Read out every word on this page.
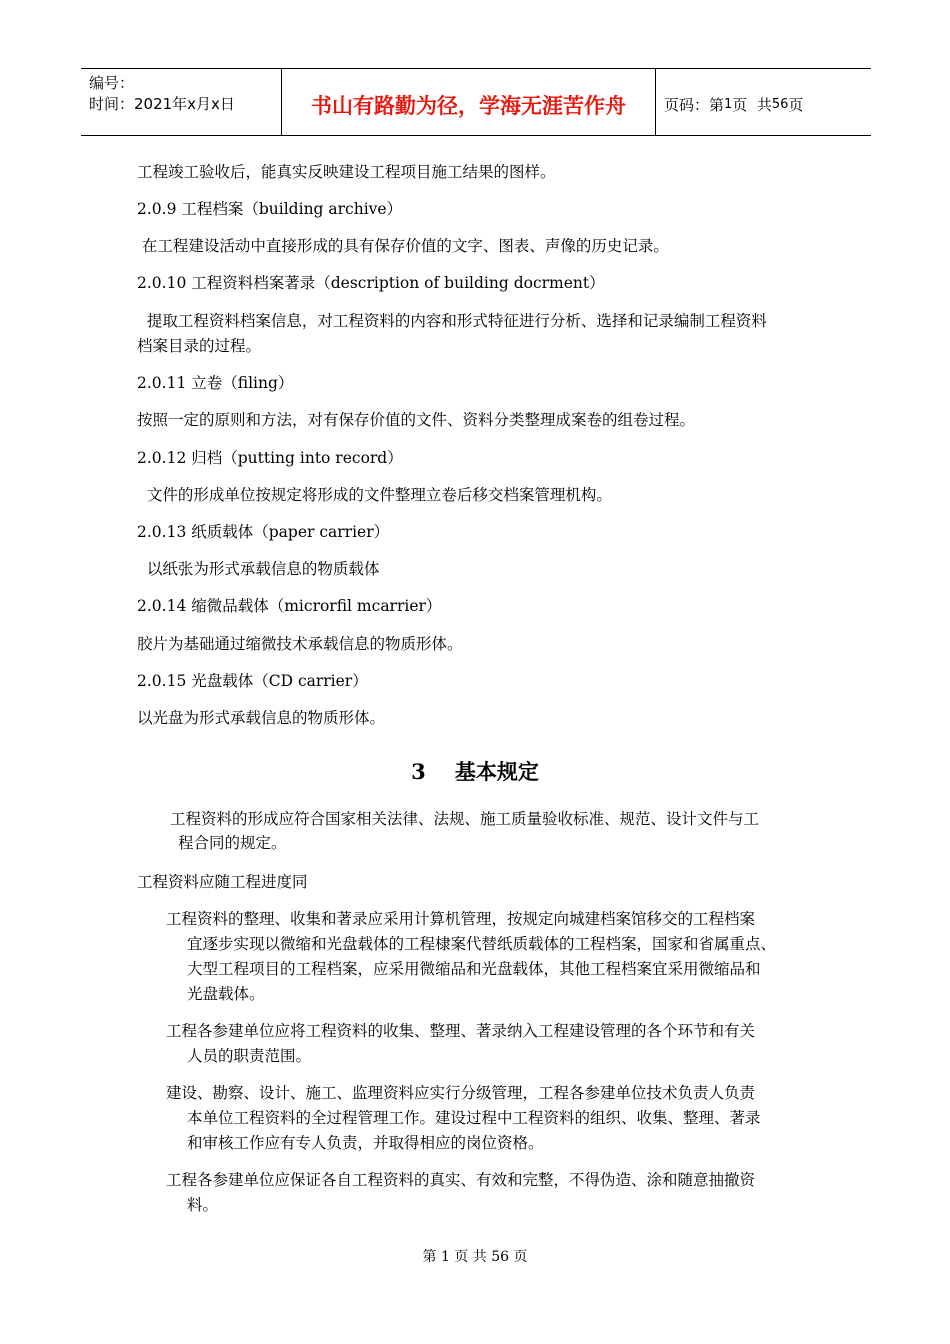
编号：
时间：2021年x月x日	书山有路勤为径，学海无涯苦作舟	页码：第 1 页  共 56 页
工程竣工验收后，能真实反映建设工程项目施工结果的图样。
2.0.9 工程档案（building archive）
在工程建设活动中直接形成的具有保存价值的文字、图表、声像的历史记录。
2.0.10 工程资料档案著录（description of building docrment）
提取工程资料档案信息，对工程资料的内容和形式特征进行分析、选择和记录编制工程资料
档案目录的过程。
2.0.11 立卷（filing）
按照一定的原则和方法，对有保存价值的文件、资料分类整理成案卷的组卷过程。
2.0.12 归档（putting into record）
文件的形成单位按规定将形成的文件整理立卷后移交档案管理机构。
2.0.13 纸质载体（paper carrier）
以纸张为形式承载信息的物质载体
2.0.14 缩微品载体（microrfil mcarrier）
胶片为基础通过缩微技术承载信息的物质形体。
2.0.15 光盘载体（CD carrier）
以光盘为形式承载信息的物质形体。
3    基本规定
工程资料的形成应符合国家相关法律、法规、施工质量验收标准、规范、设计文件与工
程合同的规定。
工程资料应随工程进度同
工程资料的整理、收集和著录应采用计算机管理，按规定向城建档案馆移交的工程档案
宜逐步实现以微缩和光盘载体的工程棣案代替纸质载体的工程档案，国家和省属重点、
大型工程项目的工程档案，应采用微缩品和光盘载体，其他工程档案宜采用微缩品和
光盘载体。
工程各参建单位应将工程资料的收集、整理、著录纳入工程建设管理的各个环节和有关
人员的职责范围。
建设、勘察、设计、施工、监理资料应实行分级管理，工程各参建单位技术负责人负责
本单位工程资料的全过程管理工作。建设过程中工程资料的组织、收集、整理、著录
和审核工作应有专人负责，并取得相应的岗位资格。
工程各参建单位应保证各自工程资料的真实、有效和完整，不得伪造、涂和随意抽撤资
料。
第 1 页 共 56 页
